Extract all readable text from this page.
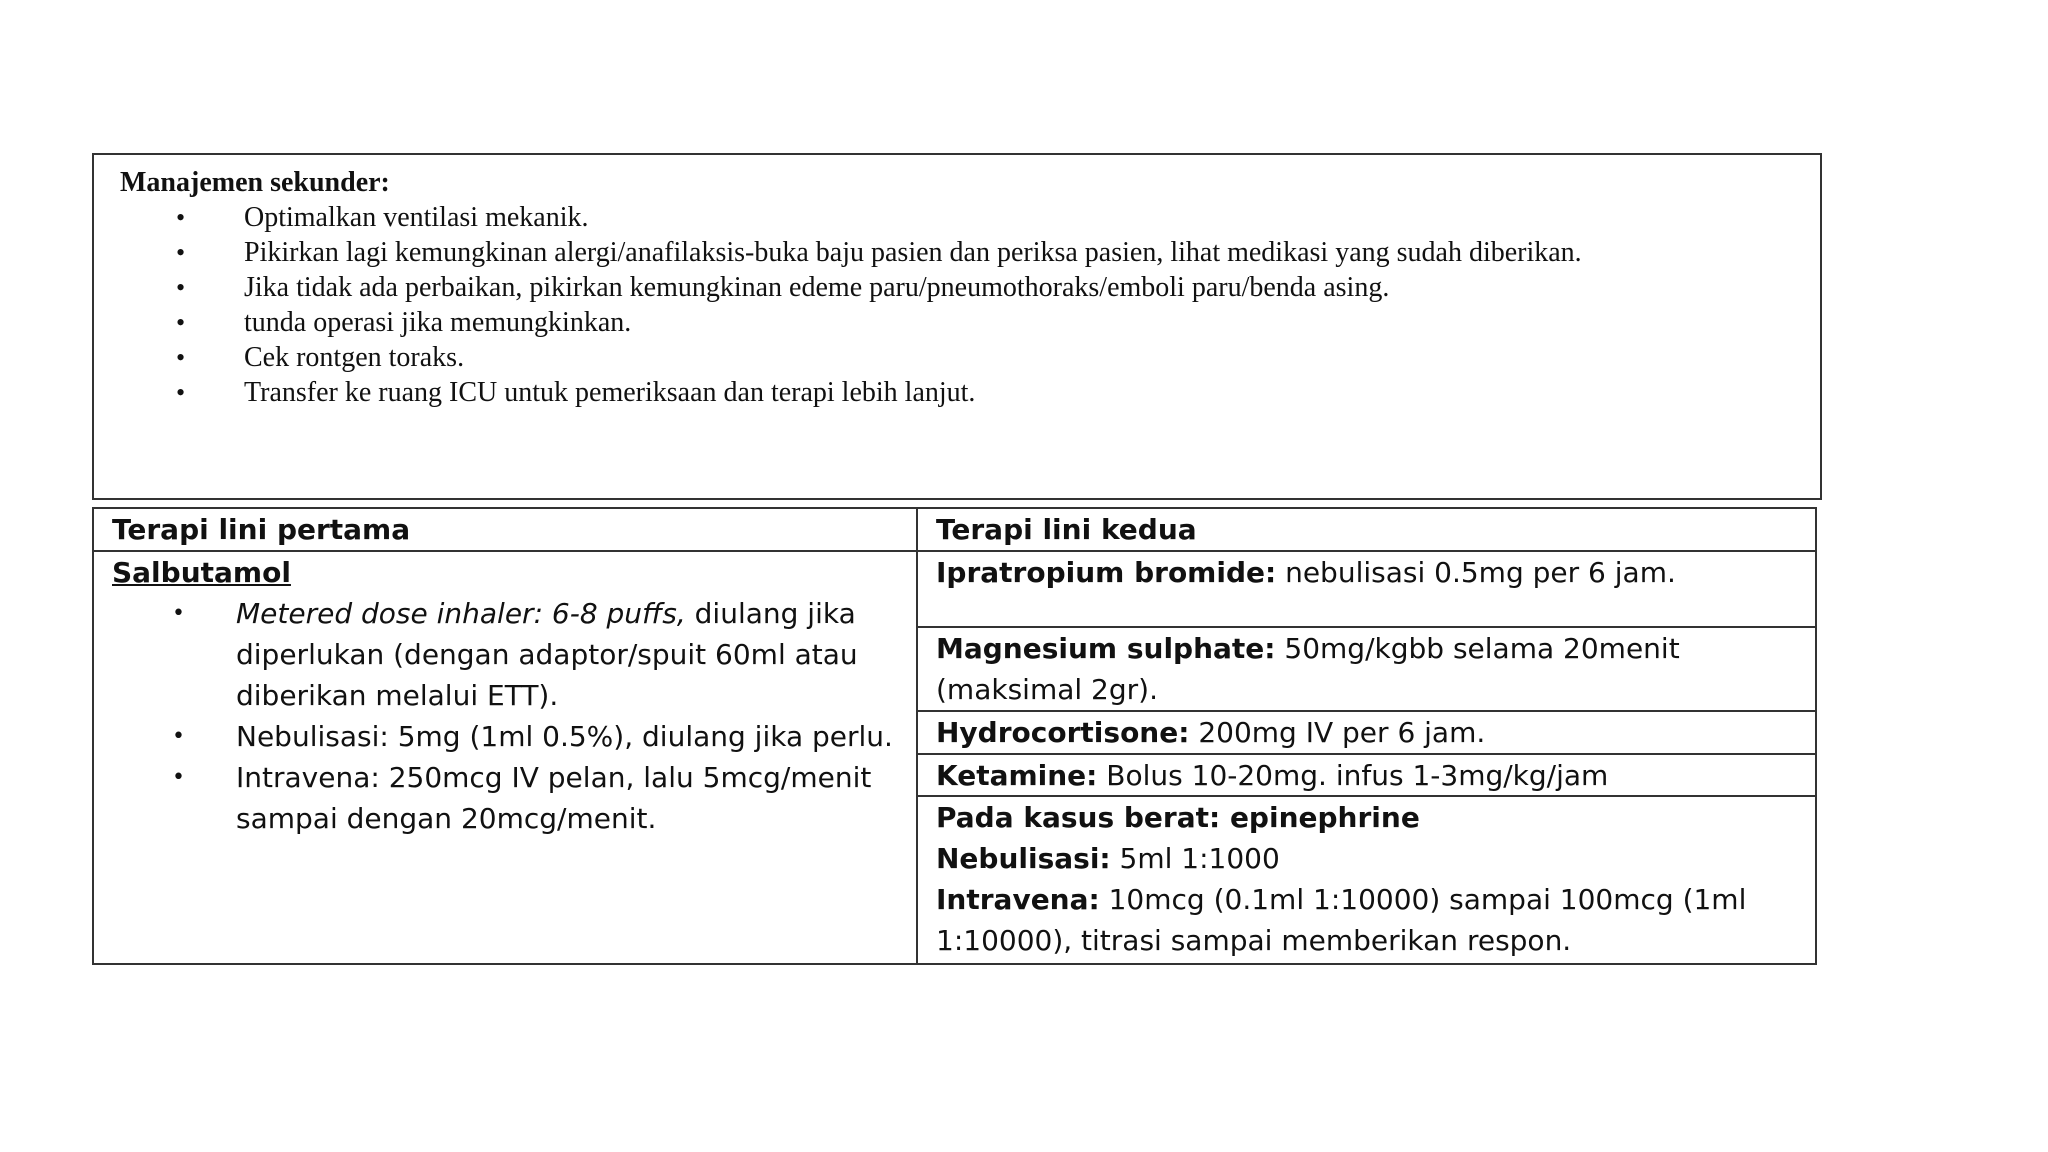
Manajemen sekunder:

• Optimalkan ventilasi mekanik.
• Pikirkan lagi kemungkinan alergi/anafilaksis-buka baju pasien dan periksa pasien, lihat medikasi yang sudah diberikan.
• Jika tidak ada perbaikan, pikirkan kemungkinan edeme paru/pneumothoraks/emboli paru/benda asing.
• tunda operasi jika memungkinkan.
• Cek rontgen toraks.
• Transfer ke ruang ICU untuk pemeriksaan dan terapi lebih lanjut.
Terapi lini pertama	Terapi lini kedua
Salbutamol
• Metered dose inhaler: 6-8 puffs, diulang jika diperlukan (dengan adaptor/spuit 60ml atau diberikan melalui ETT).
• Nebulisasi: 5mg (1ml 0.5%), diulang jika perlu.
• Intravena: 250mcg IV pelan, lalu 5mcg/menit sampai dengan 20mcg/menit.
Ipratropium bromide: nebulisasi 0.5mg per 6 jam.
Magnesium sulphate: 50mg/kgbb selama 20menit (maksimal 2gr).
Hydrocortisone: 200mg IV per 6 jam.
Ketamine: Bolus 10-20mg. infus 1-3mg/kg/jam
Pada kasus berat: epinephrine
Nebulisasi: 5ml 1:1000
Intravena: 10mcg (0.1ml 1:10000) sampai 100mcg (1ml 1:10000), titrasi sampai memberikan respon.
